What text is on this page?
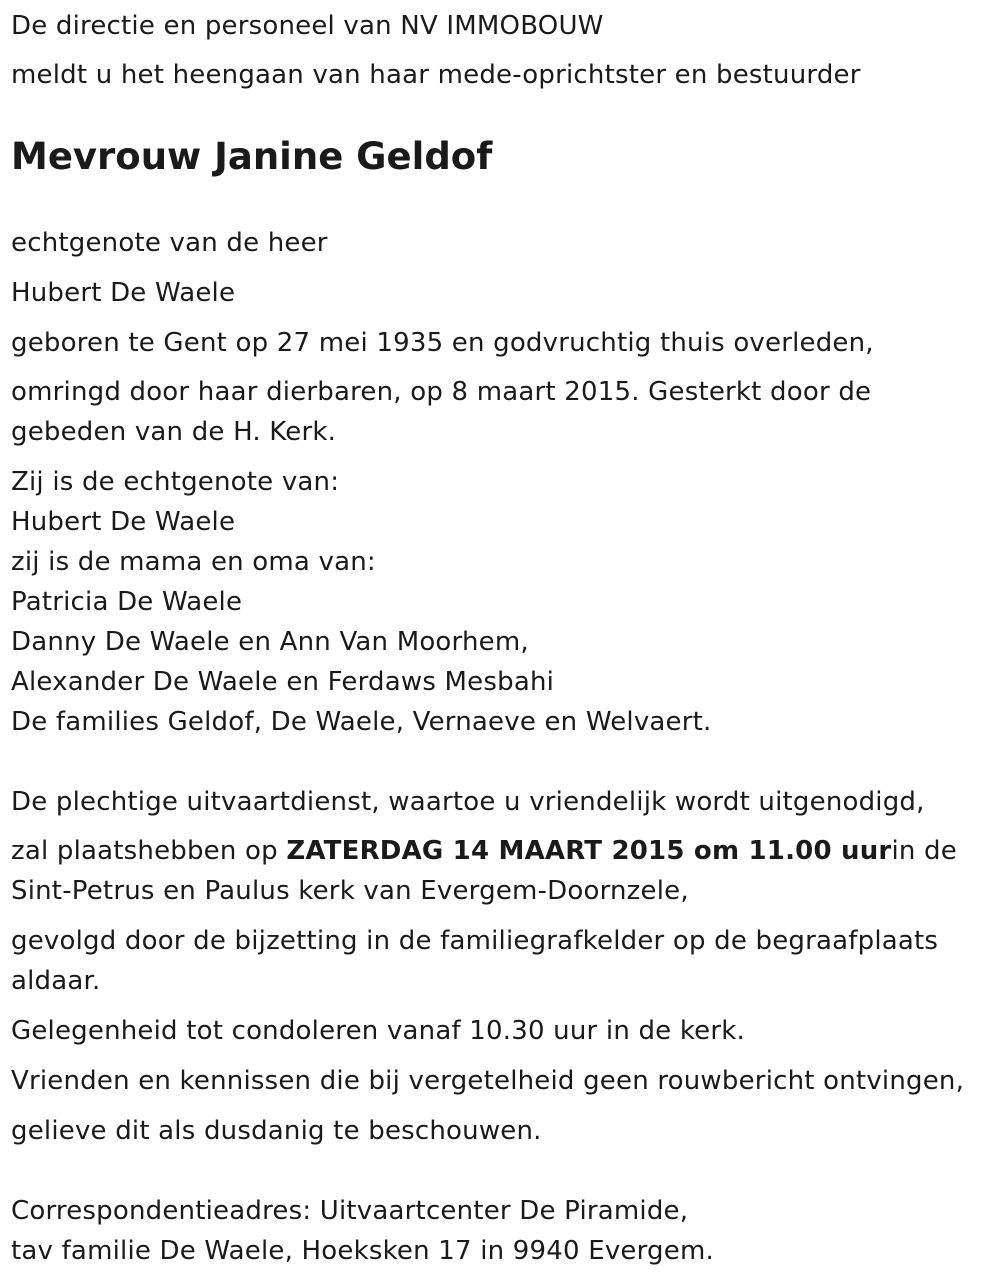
De directie en personeel van NV IMMOBOUW
meldt u het heengaan van haar mede-oprichtster en bestuurder
Mevrouw Janine Geldof
echtgenote van de heer
Hubert De Waele
geboren te Gent op 27 mei 1935 en godvruchtig thuis overleden,
omringd door haar dierbaren, op 8 maart 2015. Gesterkt door de
gebeden van de H. Kerk.
Zij is de echtgenote van:
Hubert De Waele
zij is de mama en oma van:
Patricia De Waele
Danny De Waele en Ann Van Moorhem,
Alexander De Waele en Ferdaws Mesbahi
De families Geldof, De Waele, Vernaeve en Welvaert.
De plechtige uitvaartdienst, waartoe u vriendelijk wordt uitgenodigd,
zal plaatshebben op ZATERDAG 14 MAART 2015 om 11.00 uurin de
Sint-Petrus en Paulus kerk van Evergem-Doornzele,
gevolgd door de bijzetting in de familiegrafkelder op de begraafplaats
aldaar.
Gelegenheid tot condoleren vanaf 10.30 uur in de kerk.
Vrienden en kennissen die bij vergetelheid geen rouwbericht ontvingen,
gelieve dit als dusdanig te beschouwen.
Correspondentieadres: Uitvaartcenter De Piramide,
tav familie De Waele, Hoeksken 17 in 9940 Evergem.
